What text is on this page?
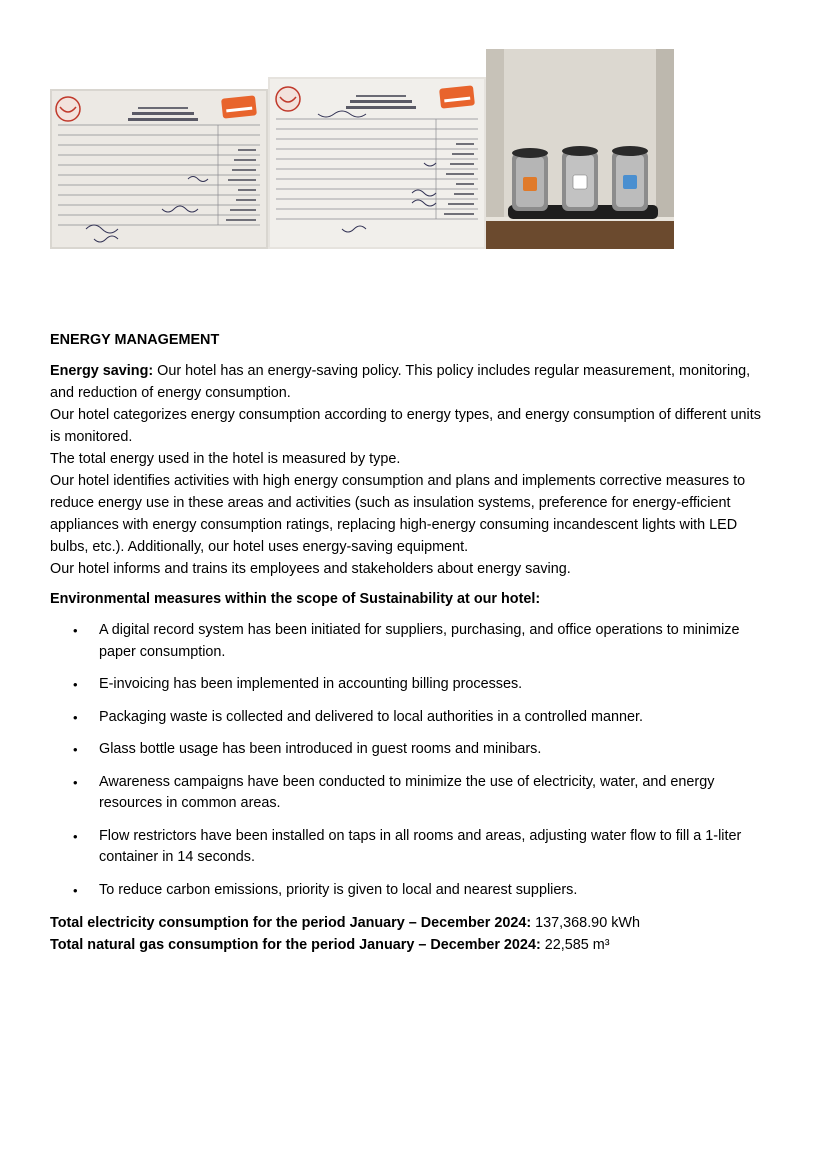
ENERGY MANAGEMENT

Energy saving: Our hotel has an energy-saving policy. This policy includes regular measurement, monitoring, and reduction of energy consumption.

Our hotel categorizes energy consumption according to energy types, and energy consumption of different units is monitored.

The total energy used in the hotel is measured by type.

Our hotel identifies activities with high energy consumption and plans and implements corrective measures to reduce energy use in these areas and activities (such as insulation systems, preference for energy-efficient appliances with energy consumption ratings, replacing high-energy consuming incandescent lights with LED bulbs, etc.). Additionally, our hotel uses energy-saving equipment.

Our hotel informs and trains its employees and stakeholders about energy saving.

Environmental measures within the scope of Sustainability at our hotel:
• A digital record system has been initiated for suppliers, purchasing, and office operations to minimize paper consumption.
• E-invoicing has been implemented in accounting billing processes.
• Packaging waste is collected and delivered to local authorities in a controlled manner.
• Glass bottle usage has been introduced in guest rooms and minibars.
• Awareness campaigns have been conducted to minimize the use of electricity, water, and energy resources in common areas.
• Flow restrictors have been installed on taps in all rooms and areas, adjusting water flow to fill a 1-liter container in 14 seconds.
• To reduce carbon emissions, priority is given to local and nearest suppliers.
Total electricity consumption for the period January – December 2024: 137,368.90 kWh
Total natural gas consumption for the period January – December 2024: 22,585 m³
